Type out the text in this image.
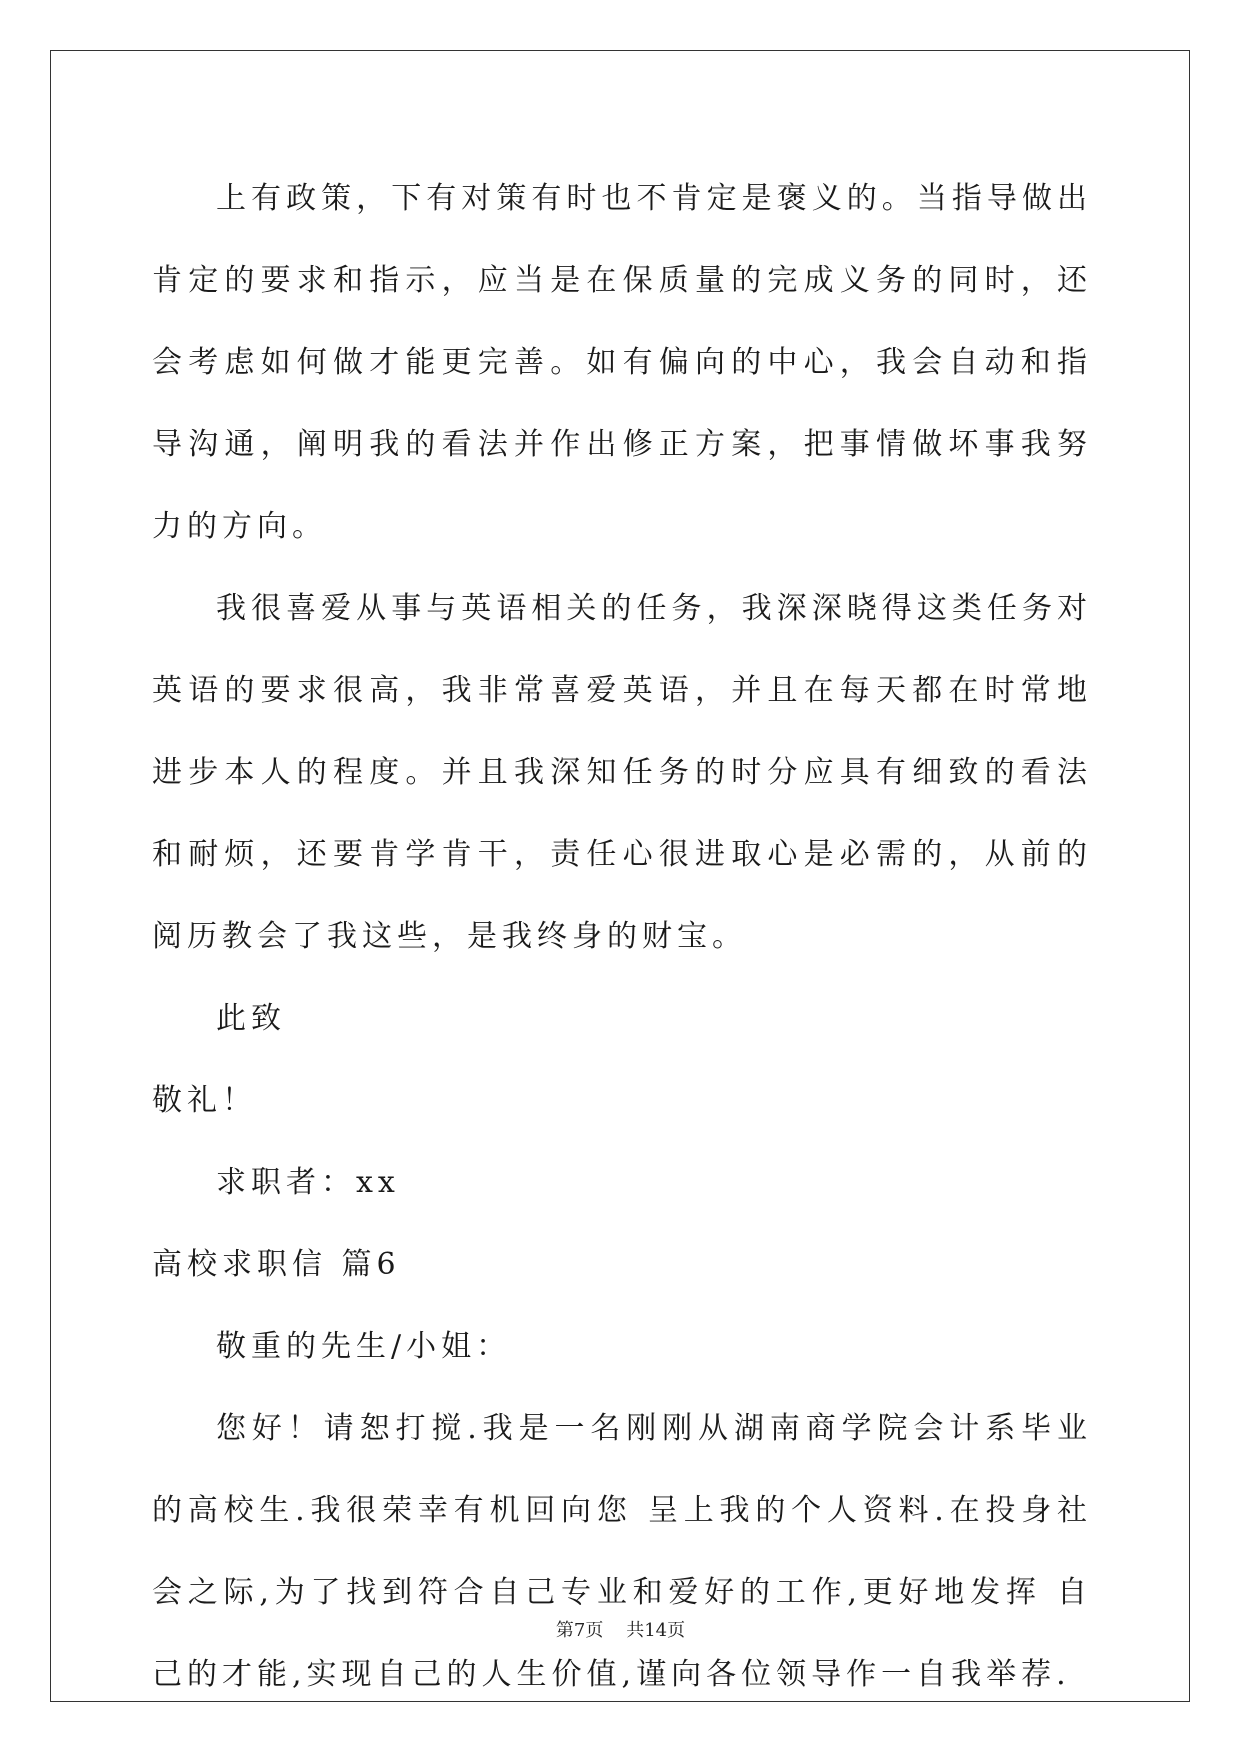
上有政策，下有对策有时也不肯定是褒义的。当指导做出肯定的要求和指示，应当是在保质量的完成义务的同时，还会考虑如何做才能更完善。如有偏向的中心，我会自动和指导沟通，阐明我的看法并作出修正方案，把事情做坏事我努力的方向。

我很喜爱从事与英语相关的任务，我深深晓得这类任务对英语的要求很高，我非常喜爱英语，并且在每天都在时常地进步本人的程度。并且我深知任务的时分应具有细致的看法和耐烦，还要肯学肯干，责任心很进取心是必需的，从前的阅历教会了我这些，是我终身的财宝。

此致

敬礼！

求职者：xx

高校求职信 篇6

敬重的先生/小姐：

您好！请恕打搅.我是一名刚刚从湖南商学院会计系毕业的高校生.我很荣幸有机回向您 呈上我的个人资料.在投身社会之际,为了找到符合自己专业和爱好的工作,更好地发挥 自己的才能,实现自己的人生价值,谨向各位领导作一自我举荐.

第7页    共14页
